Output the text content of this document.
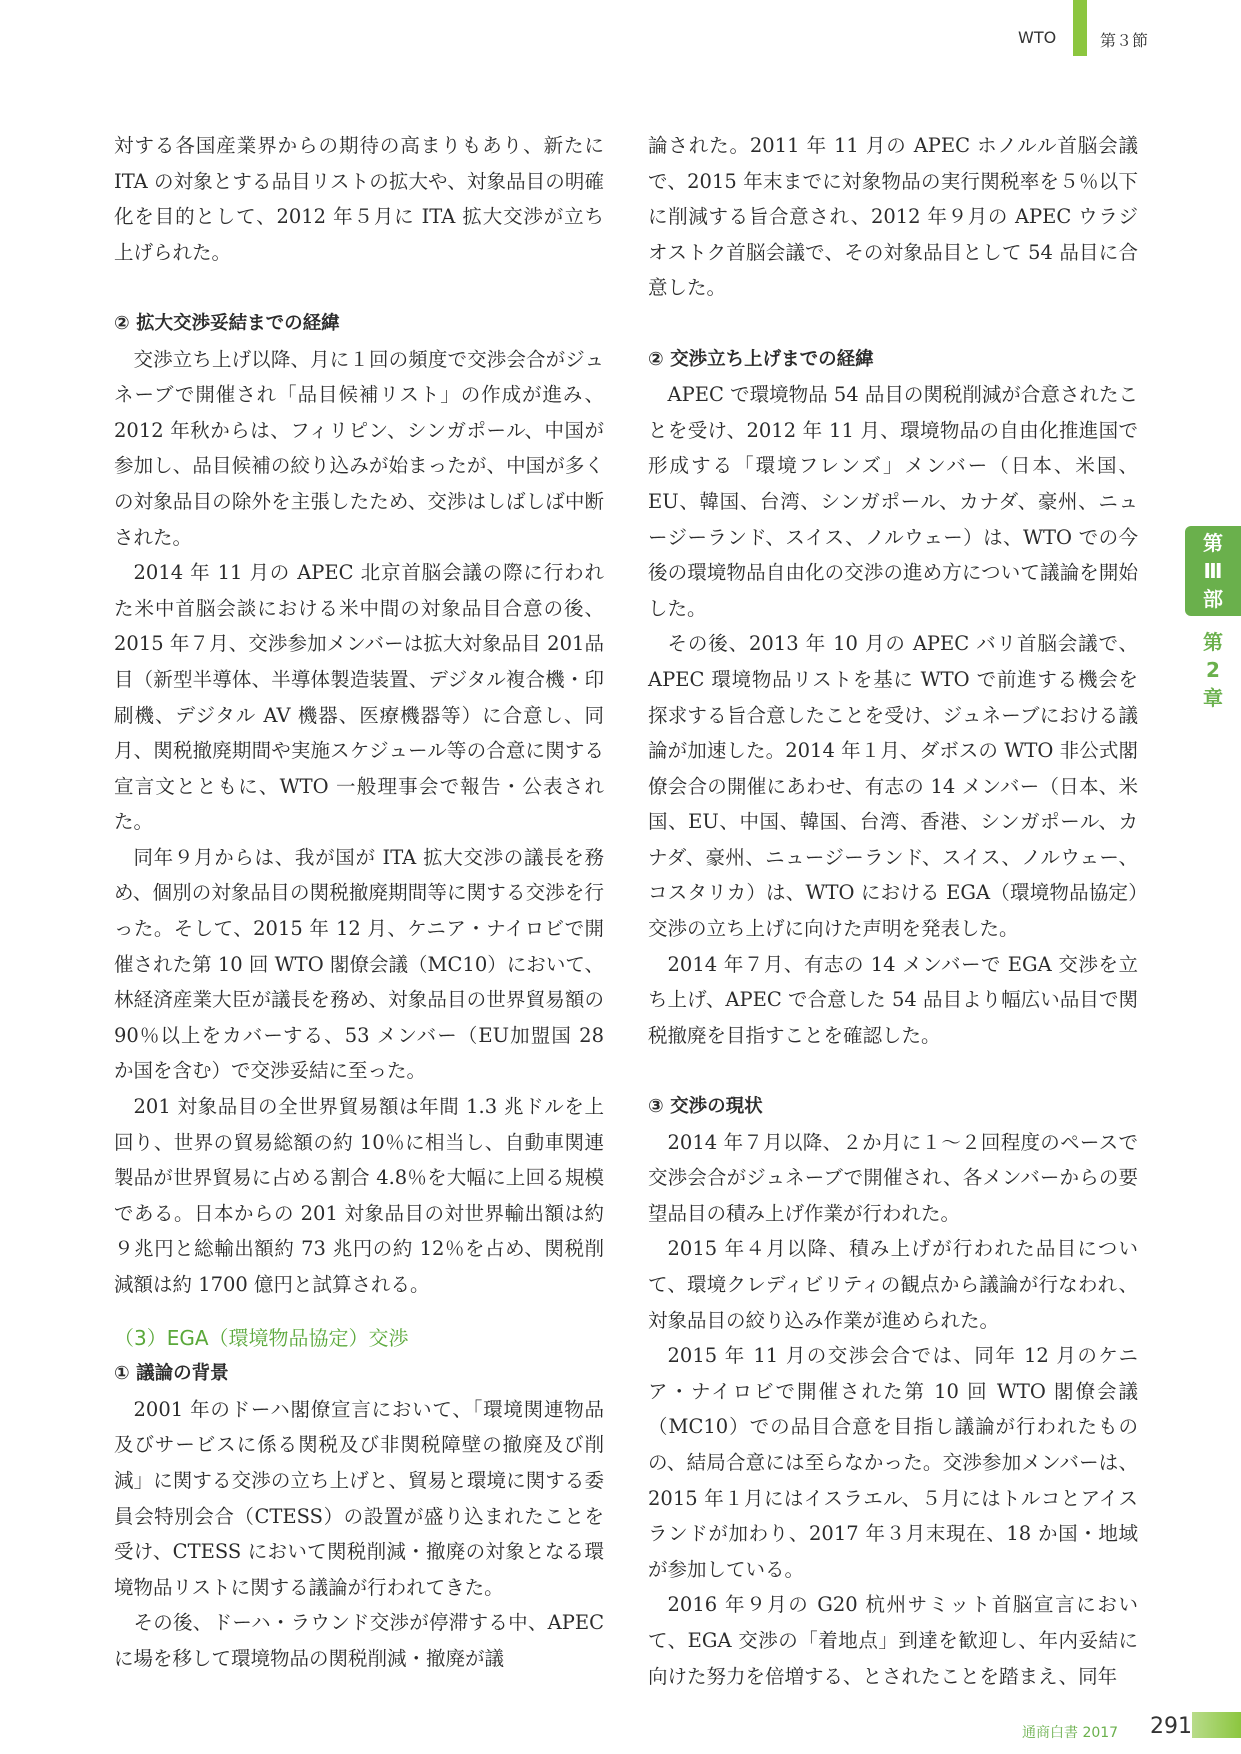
WTO	第３節

対する各国産業界からの期待の高まりもあり、新たにITA の対象とする品目リストの拡大や、対象品目の明確化を目的として、2012 年５月に ITA 拡大交渉が立ち上げられた。

② 拡大交渉妥結までの経緯

交渉立ち上げ以降、月に１回の頻度で交渉会合がジュネーブで開催され「品目候補リスト」の作成が進み、2012 年秋からは、フィリピン、シンガポール、中国が参加し、品目候補の絞り込みが始まったが、中国が多くの対象品目の除外を主張したため、交渉はしばしば中断された。

2014 年 11 月の APEC 北京首脳会議の際に行われた米中首脳会談における米中間の対象品目合意の後、2015 年７月、交渉参加メンバーは拡大対象品目 201品目（新型半導体、半導体製造装置、デジタル複合機・印刷機、デジタル AV 機器、医療機器等）に合意し、同月、関税撤廃期間や実施スケジュール等の合意に関する宣言文とともに、WTO 一般理事会で報告・公表された。

同年９月からは、我が国が ITA 拡大交渉の議長を務め、個別の対象品目の関税撤廃期間等に関する交渉を行った。そして、2015 年 12 月、ケニア・ナイロビで開催された第 10 回 WTO 閣僚会議（MC10）において、林経済産業大臣が議長を務め、対象品目の世界貿易額の 90％以上をカバーする、53 メンバー（EU加盟国 28 か国を含む）で交渉妥結に至った。

201 対象品目の全世界貿易額は年間 1.3 兆ドルを上回り、世界の貿易総額の約 10％に相当し、自動車関連製品が世界貿易に占める割合 4.8％を大幅に上回る規模である。日本からの 201 対象品目の対世界輸出額は約９兆円と総輸出額約 73 兆円の約 12％を占め、関税削減額は約 1700 億円と試算される。

（3）EGA（環境物品協定）交渉
① 議論の背景

2001 年のドーハ閣僚宣言において、「環境関連物品及びサービスに係る関税及び非関税障壁の撤廃及び削減」に関する交渉の立ち上げと、貿易と環境に関する委員会特別会合（CTESS）の設置が盛り込まれたことを受け、CTESS において関税削減・撤廃の対象となる環境物品リストに関する議論が行われてきた。

その後、ドーハ・ラウンド交渉が停滞する中、APEC に場を移して環境物品の関税削減・撤廃が議

論された。2011 年 11 月の APEC ホノルル首脳会議で、2015 年末までに対象物品の実行関税率を５％以下に削減する旨合意され、2012 年９月の APEC ウラジオストク首脳会議で、その対象品目として 54 品目に合意した。

② 交渉立ち上げまでの経緯

APEC で環境物品 54 品目の関税削減が合意されたことを受け、2012 年 11 月、環境物品の自由化推進国で形成する「環境フレンズ」メンバー（日本、米国、EU、韓国、台湾、シンガポール、カナダ、豪州、ニュージーランド、スイス、ノルウェー）は、WTO での今後の環境物品自由化の交渉の進め方について議論を開始した。

その後、2013 年 10 月の APEC バリ首脳会議で、APEC 環境物品リストを基に WTO で前進する機会を探求する旨合意したことを受け、ジュネーブにおける議論が加速した。2014 年１月、ダボスの WTO 非公式閣僚会合の開催にあわせ、有志の 14 メンバー（日本、米国、EU、中国、韓国、台湾、香港、シンガポール、カナダ、豪州、ニュージーランド、スイス、ノルウェー、コスタリカ）は、WTO における EGA（環境物品協定）交渉の立ち上げに向けた声明を発表した。

2014 年７月、有志の 14 メンバーで EGA 交渉を立ち上げ、APEC で合意した 54 品目より幅広い品目で関税撤廃を目指すことを確認した。

③ 交渉の現状

2014 年７月以降、２か月に１〜２回程度のペースで交渉会合がジュネーブで開催され、各メンバーからの要望品目の積み上げ作業が行われた。

2015 年４月以降、積み上げが行われた品目について、環境クレディビリティの観点から議論が行なわれ、対象品目の絞り込み作業が進められた。

2015 年 11 月の交渉会合では、同年 12 月のケニア・ナイロビで開催された第 10 回 WTO 閣僚会議（MC10）での品目合意を目指し議論が行われたものの、結局合意には至らなかった。交渉参加メンバーは、2015 年１月にはイスラエル、５月にはトルコとアイスランドが加わり、2017 年３月末現在、18 か国・地域が参加している。

2016 年９月の G20 杭州サミット首脳宣言において、EGA 交渉の「着地点」到達を歓迎し、年内妥結に向けた努力を倍増する、とされたことを踏まえ、同年

第
Ⅲ
部
第
2
章
通商白書 2017 291
